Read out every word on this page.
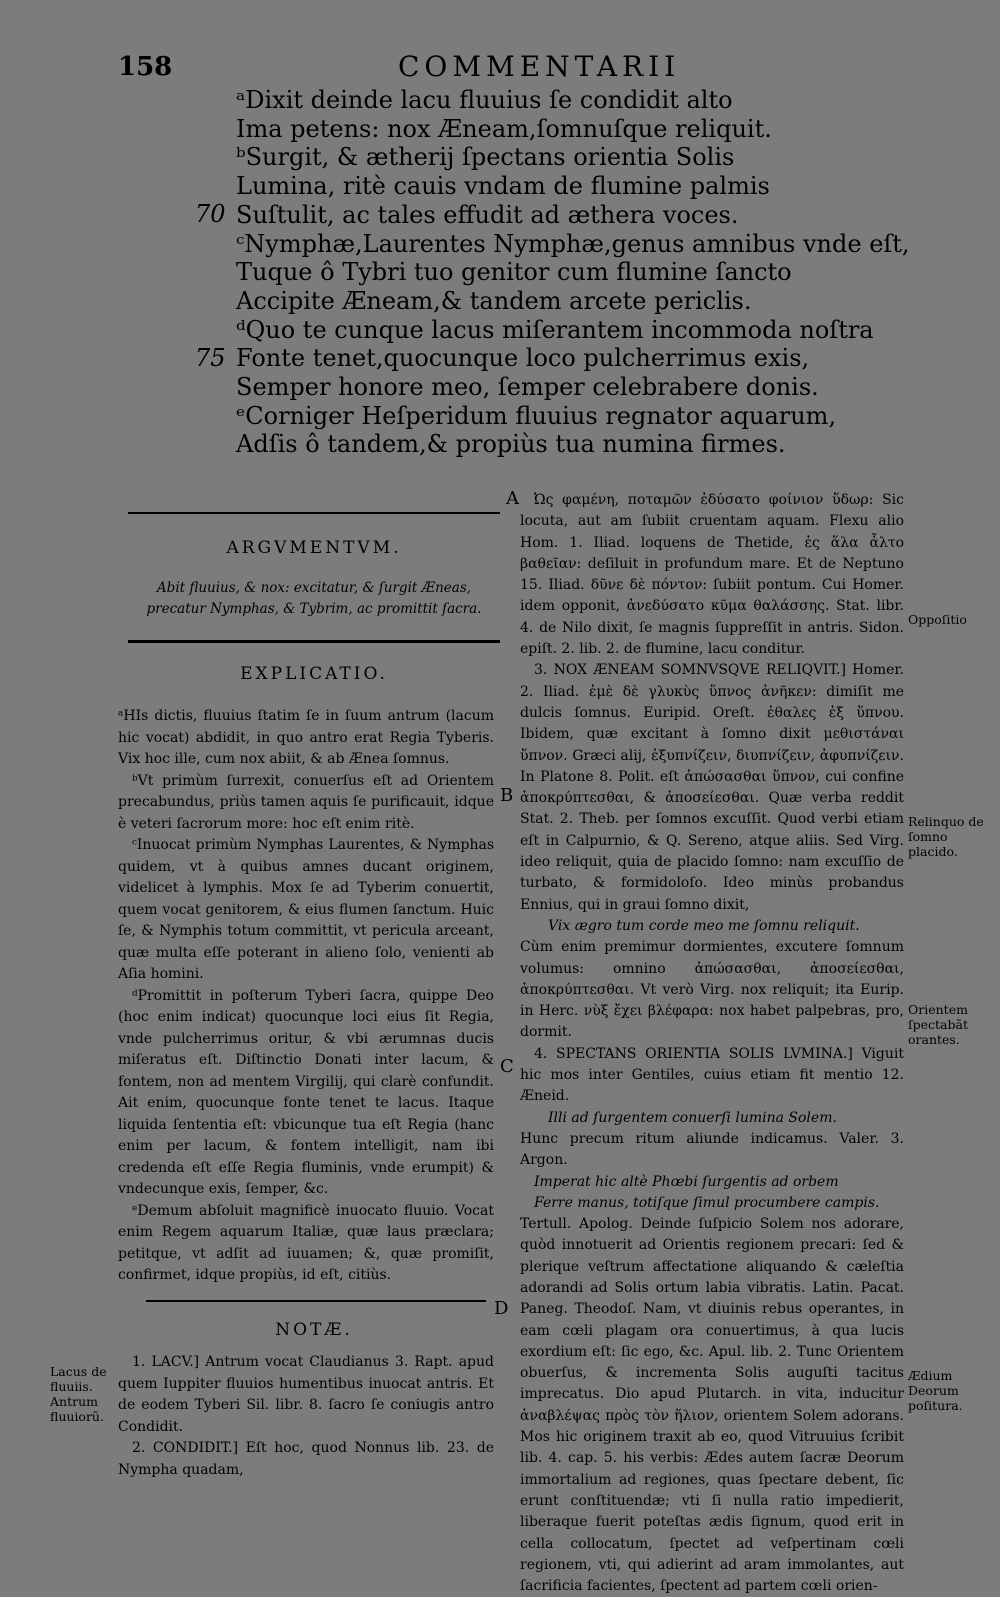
158	COMMENTARII
ᵃDixit deinde lacu fluuius ſe condidit alto
Ima petens: nox Æneam,ſomnuſque reliquit.
ᵇSurgit, & ætherij ſpectans orientia Solis
Lumina, ritè cauis vndam de flumine palmis
Suſtulit, ac tales effudit ad æthera voces.
ᶜNymphæ,Laurentes Nymphæ,genus amnibus vnde eſt,
Tuque ô Tybri tuo genitor cum flumine ſancto
Accipite Æneam,& tandem arcete periclis.
ᵈQuo te cunque lacus miſerantem incommoda noſtra
Fonte tenet,quocunque loco pulcherrimus exis,
Semper honore meo, ſemper celebrabere donis.
ᵉCorniger Heſperidum fluuius regnator aquarum,
Adſis ô tandem,& propiùs tua numina firmes.
70
75
A
ARGVMENTVM.
Abit fluuius, & nox: excitatur, & ſurgit Æneas, precatur Nymphas, & Tybrim, ac promittit ſacra.
EXPLICATIO.

ᵃHIs dictis, fluuius ſtatim ſe in ſuum antrum (lacum hic vocat) abdidit, in quo antro erat Regia Tyberis. Vix hoc ille, cum nox abiit, & ab Ænea ſomnus.

ᵇVt primùm ſurrexit, conuerſus eſt ad Orientem precabundus, priùs tamen aquis ſe purificauit, idque è veteri ſacrorum more: hoc eſt enim ritè.

ᶜInuocat primùm Nymphas Laurentes, & Nymphas quidem, vt à quibus amnes ducant originem, videlicet à lymphis. Mox ſe ad Tyberim conuertit, quem vocat genitorem, & eius flumen ſanctum. Huic ſe, & Nymphis totum committit, vt pericula arceant, quæ multa eſſe poterant in alieno ſolo, venienti ab Aſia homini.

ᵈPromittit in poſterum Tyberi ſacra, quippe Deo (hoc enim indicat) quocunque loci eius ſit Regia, vnde pulcherrimus oritur, & vbi ærumnas ducis miſeratus eſt. Diſtinctio Donati inter lacum, & fontem, non ad mentem Virgilij, qui clarè confundit. Ait enim, quocunque fonte tenet te lacus. Itaque liquida ſententia eſt: vbicunque tua eſt Regia (hanc enim per lacum, & fontem intelligit, nam ibi credenda eſt eſſe Regia fluminis, vnde erumpit) & vndecunque exis, ſemper, &c.

ᵉDemum abſoluit magnificè inuocato fluuio. Vocat enim Regem aquarum Italiæ, quæ laus præclara; petitque, vt adſit ad iuuamen; &, quæ promiſit, confirmet, idque propiùs, id eſt, citiùs.

B
C
D
NOTÆ.

1. LACV.] Antrum vocat Claudianus 3. Rapt. apud quem Iuppiter fluuios humentibus inuocat antris. Et de eodem Tyberi Sil. libr. 8. ſacro ſe coniugis antro Condidit.

2. CONDIDIT.] Eſt hoc, quod Nonnus lib. 23. de Nympha quadam,

Ὠς φαμένη, ποταμῶν ἐδύσατο φοίνιον ὕδωρ: Sic locuta, aut am ſubiit cruentam aquam. Flexu alio Hom. 1. Iliad. loquens de Thetide, ἐς ἅλα ἆλτο βαθεῖαν: deſiluit in profundum mare. Et de Neptuno 15. Iliad. δῦνε δὲ πόντον: ſubiit pontum. Cui Homer. idem opponit, ἀνεδύσατο κῦμα θαλάσσης. Stat. libr. 4. de Nilo dixit, ſe magnis ſuppreſſit in antris. Sidon. epiſt. 2. lib. 2. de flumine, lacu conditur.

3. NOX ÆNEAM SOMNVSQVE RELIQVIT.] Homer. 2. Iliad. ἐμὲ δὲ γλυκὺς ὕπνος ἀνῆκεν: dimiſit me dulcis ſomnus. Euripid. Oreſt. ἐθαλες ἐξ ὕπνου. Ibidem, quæ excitant à ſomno dixit μεθιστάναι ὕπνον. Græci alij, ἐξυπνίζειν, διυπνίζειν, ἀφυπνίζειν. In Platone 8. Polit. eſt ἀπώσασθαι ὕπνον, cui confine ἀποκρύπτεσθαι, & ἀποσείεσθαι. Quæ verba reddit Stat. 2. Theb. per ſomnos excuſſit. Quod verbi etiam eſt in Calpurnio, & Q. Sereno, atque aliis. Sed Virg. ideo reliquit, quia de placido ſomno: nam excuſſio de turbato, & formidoloſo. Ideo minùs probandus Ennius, qui in graui ſomno dixit,

Vix ægro tum corde meo me ſomnu reliquit.

Cùm enim premimur dormientes, excutere ſomnum volumus: omnino ἀπώσασθαι, ἀποσείεσθαι, ἀποκρύπτεσθαι. Vt verò Virg. nox reliquit; ita Eurip. in Herc. νὺξ ἔχει βλέφαρα: nox habet palpebras, pro, dormit.

4. SPECTANS ORIENTIA SOLIS LVMINA.] Viguit hic mos inter Gentiles, cuius etiam fit mentio 12. Æneid.

Illi ad ſurgentem conuerſi lumina Solem.

Hunc precum ritum aliunde indicamus. Valer. 3. Argon.

Imperat hic altè Phœbi ſurgentis ad orbem

Ferre manus, totiſque ſimul procumbere campis.

Tertull. Apolog. Deinde ſuſpicio Solem nos adorare, quòd innotuerit ad Orientis regionem precari: ſed & plerique veſtrum affectatione aliquando & cæleſtia adorandi ad Solis ortum labia vibratis. Latin. Pacat. Paneg. Theodoſ. Nam, vt diuinis rebus operantes, in eam cœli plagam ora conuertimus, à qua lucis exordium eſt: ſic ego, &c. Apul. lib. 2. Tunc Orientem obuerſus, & incrementa Solis auguſti tacitus imprecatus. Dio apud Plutarch. in vita, inducitur ἀναβλέψας πρὸς τὸν ἥλιον, orientem Solem adorans. Mos hic originem traxit ab eo, quod Vitruuius ſcribit lib. 4. cap. 5. his verbis: Ædes autem ſacræ Deorum immortalium ad regiones, quas ſpectare debent, ſic erunt conſtituendæ; vti ſi nulla ratio impedierit, liberaque fuerit poteſtas ædis ſignum, quod erit in cella collocatum, ſpectet ad veſpertinam cœli regionem, vti, qui adierint ad aram immolantes, aut ſacrificia facientes, ſpectent ad partem cœli orien-

Lacus de fluuiis. Antrum fluuiorũ.
Oppoſitio
Relinquo de ſomno placido.
Orientem ſpectabãt orantes.
Ædium Deorum poſitura.
